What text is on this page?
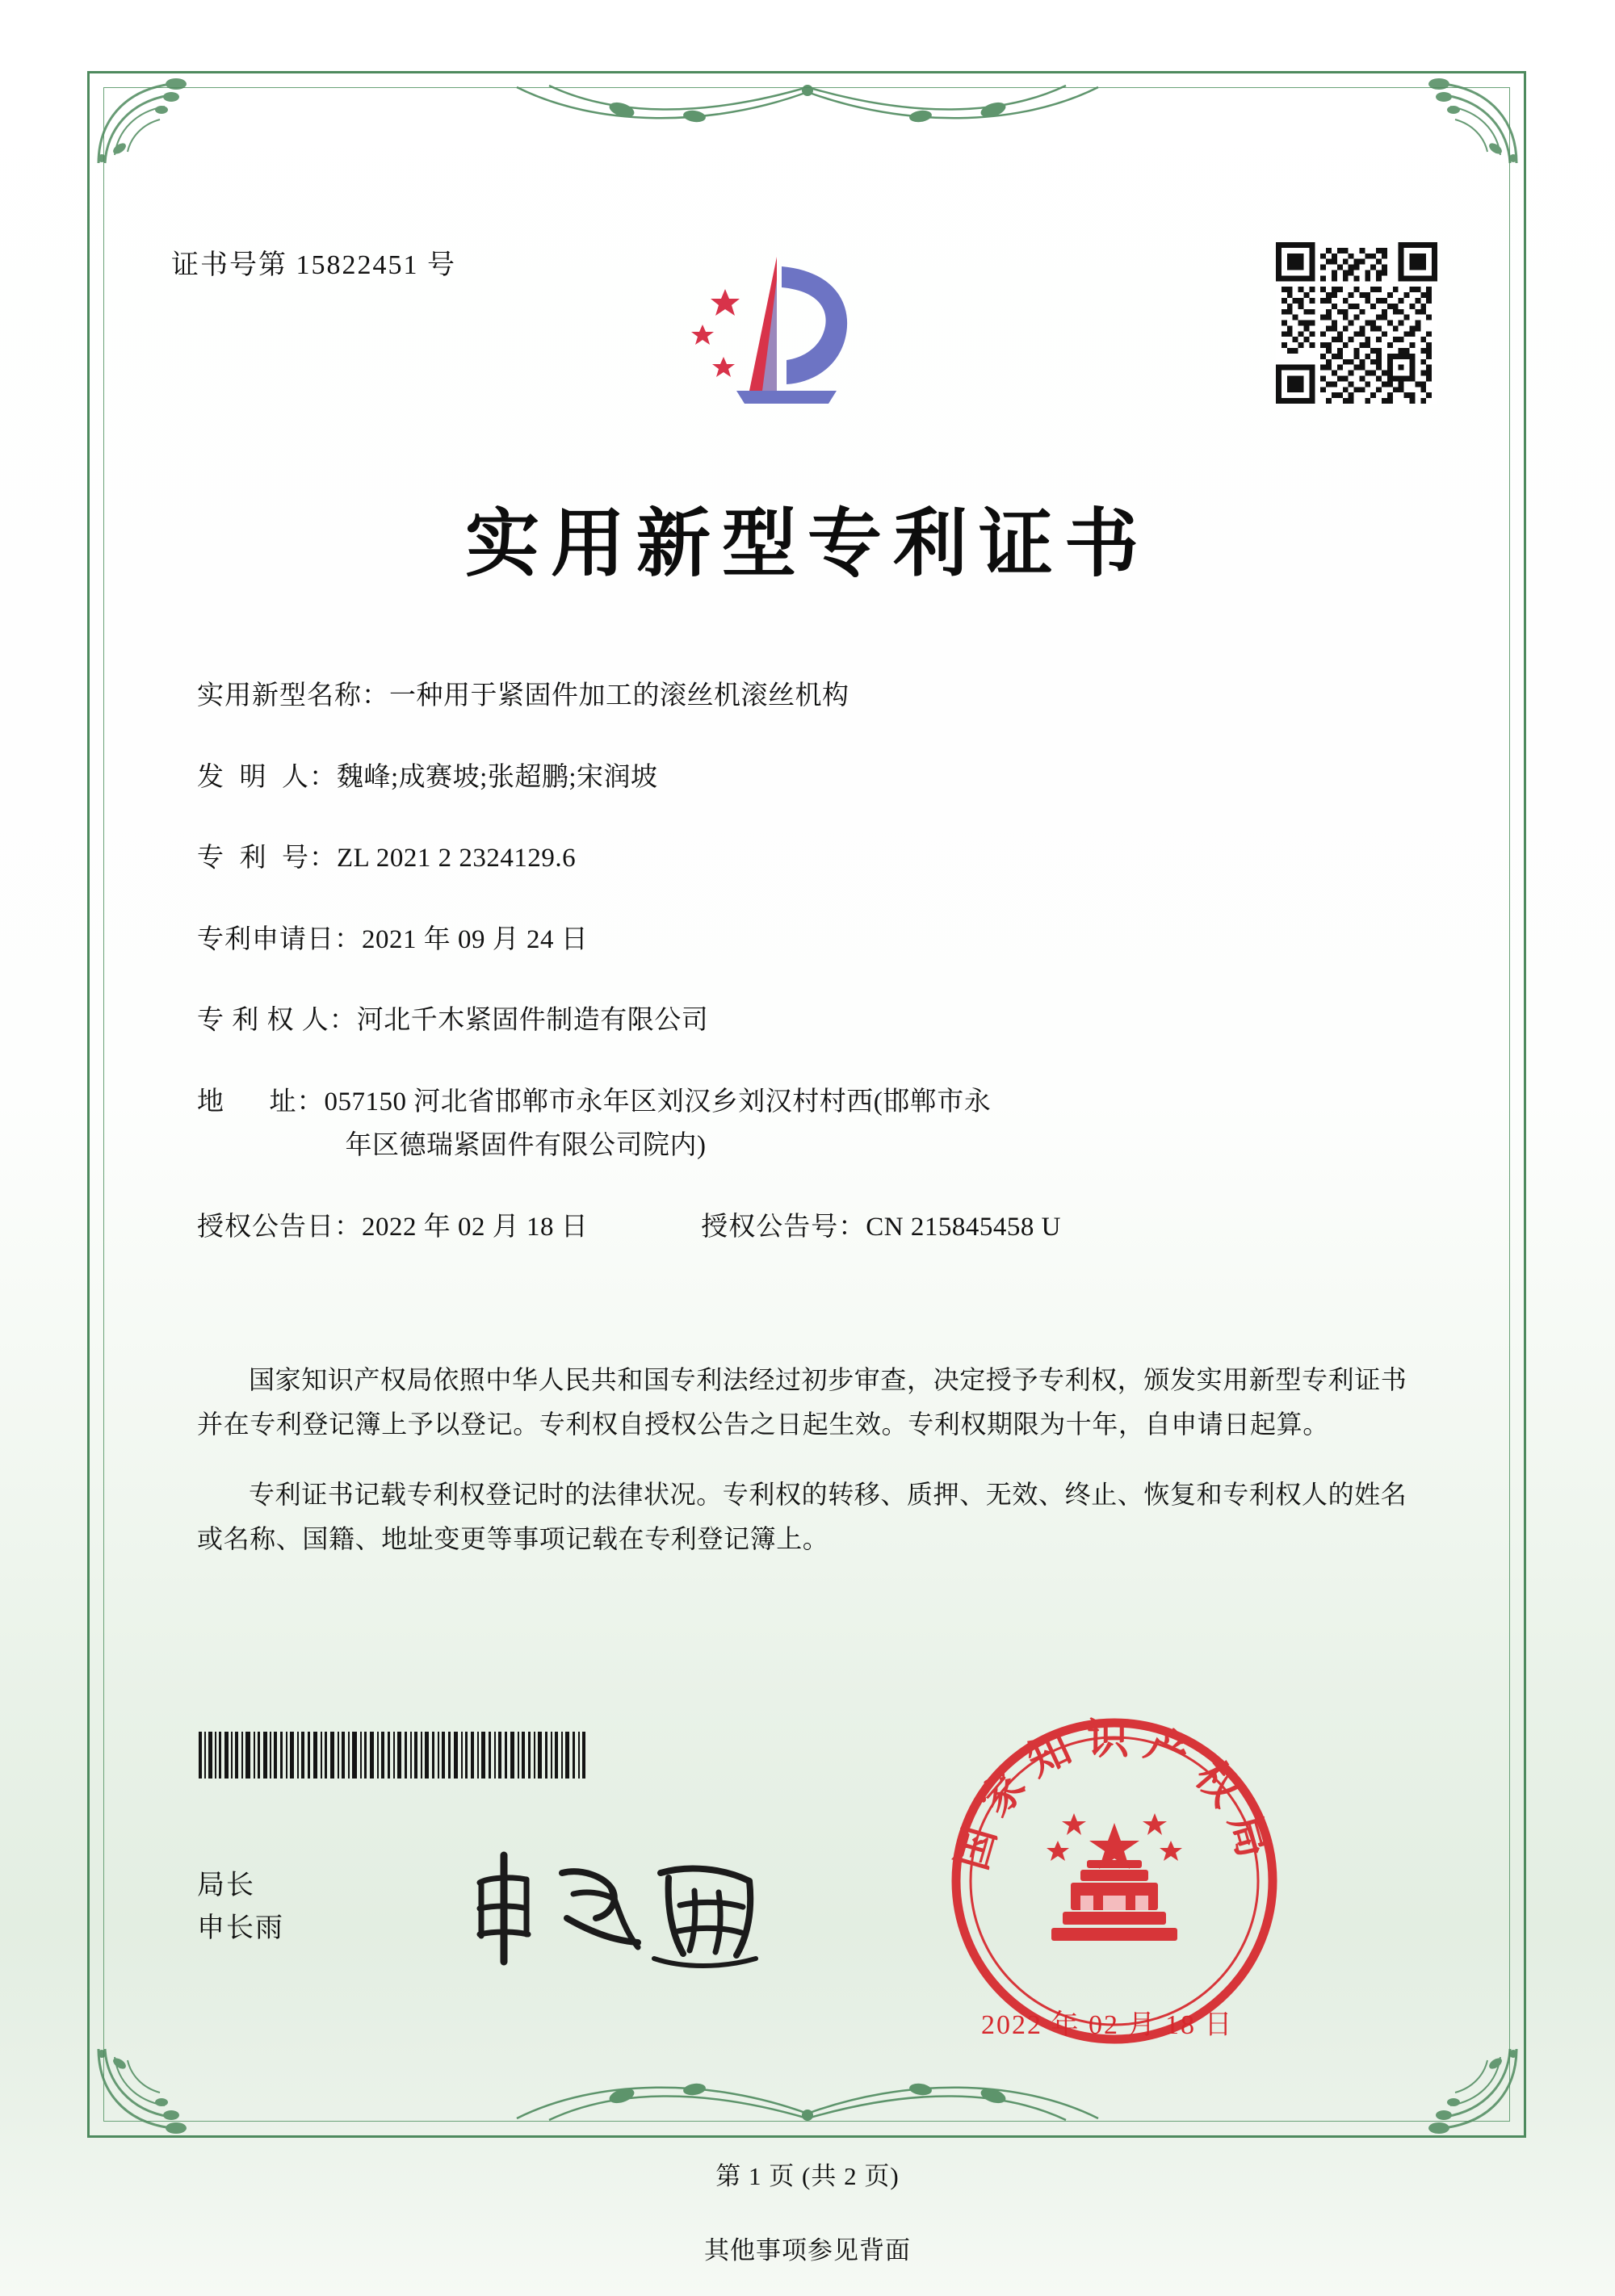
证书号第 15822451 号
实用新型专利证书
实用新型名称： 一种用于紧固件加工的滚丝机滚丝机构
发  明  人： 魏峰;成赛坡;张超鹏;宋润坡
专  利  号： ZL 2021 2 2324129.6
专利申请日： 2021 年 09 月 24 日
专 利 权 人： 河北千木紧固件制造有限公司
地      址： 057150 河北省邯郸市永年区刘汉乡刘汉村村西(邯郸市永
年区德瑞紧固件有限公司院内)
授权公告日： 2022 年 02 月 18 日	授权公告号： CN 215845458 U

国家知识产权局依照中华人民共和国专利法经过初步审查，决定授予专利权，颁发实用新型专利证书并在专利登记簿上予以登记。专利权自授权公告之日起生效。专利权期限为十年，自申请日起算。

专利证书记载专利权登记时的法律状况。专利权的转移、质押、无效、终止、恢复和专利权人的姓名或名称、国籍、地址变更等事项记载在专利登记簿上。

局长
申长雨
国家知识产权局
2022 年 02 月 18 日
第 1 页 (共 2 页)
其他事项参见背面
